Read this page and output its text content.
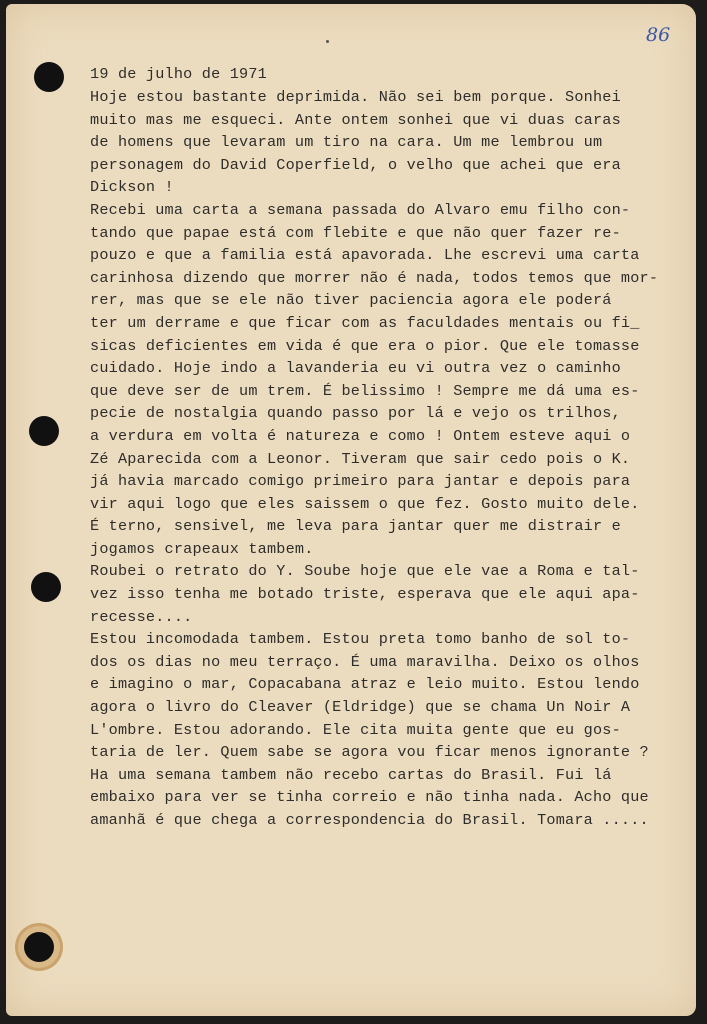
86
19 de julho de 1971
Hoje estou bastante deprimida. Não sei bem porque. Sonhei
muito mas me esqueci. Ante ontem sonhei que vi duas caras
de homens que levaram um tiro na cara. Um me lembrou um
personagem do David Coperfield, o velho que achei que era
Dickson !
Recebi uma carta a semana passada do Alvaro emu filho con-
tando que papae está com flebite e que não quer fazer re-
pouzo e que a familia está apavorada. Lhe escrevi uma carta
carinhosa dizendo que morrer não é nada, todos temos que mor-
rer, mas que se ele não tiver paciencia agora ele poderá
ter um derrame e que ficar com as faculdades mentais ou fi_
sicas deficientes em vida é que era o pior. Que ele tomasse
cuidado. Hoje indo a lavanderia eu vi outra vez o caminho
que deve ser de um trem. É belissimo ! Sempre me dá uma es-
pecie de nostalgia quando passo por lá e vejo os trilhos,
a verdura em volta é natureza e como ! Ontem esteve aqui o
Zé Aparecida com a Leonor. Tiveram que sair cedo pois o K.
já havia marcado comigo primeiro para jantar e depois para
vir aqui logo que eles saissem o que fez. Gosto muito dele.
É terno, sensivel, me leva para jantar quer me distrair e
jogamos crapeaux tambem.
Roubei o retrato do Y. Soube hoje que ele vae a Roma e tal-
vez isso tenha me botado triste, esperava que ele aqui apa-
recesse....
Estou incomodada tambem. Estou preta tomo banho de sol to-
dos os dias no meu terraço. É uma maravilha. Deixo os olhos
e imagino o mar, Copacabana atraz e leio muito. Estou lendo
agora o livro do Cleaver (Eldridge) que se chama Un Noir A
L'ombre. Estou adorando. Ele cita muita gente que eu gos-
taria de ler. Quem sabe se agora vou ficar menos ignorante ?
Ha uma semana tambem não recebo cartas do Brasil. Fui lá
embaixo para ver se tinha correio e não tinha nada. Acho que
amanhã é que chega a correspondencia do Brasil. Tomara .....
